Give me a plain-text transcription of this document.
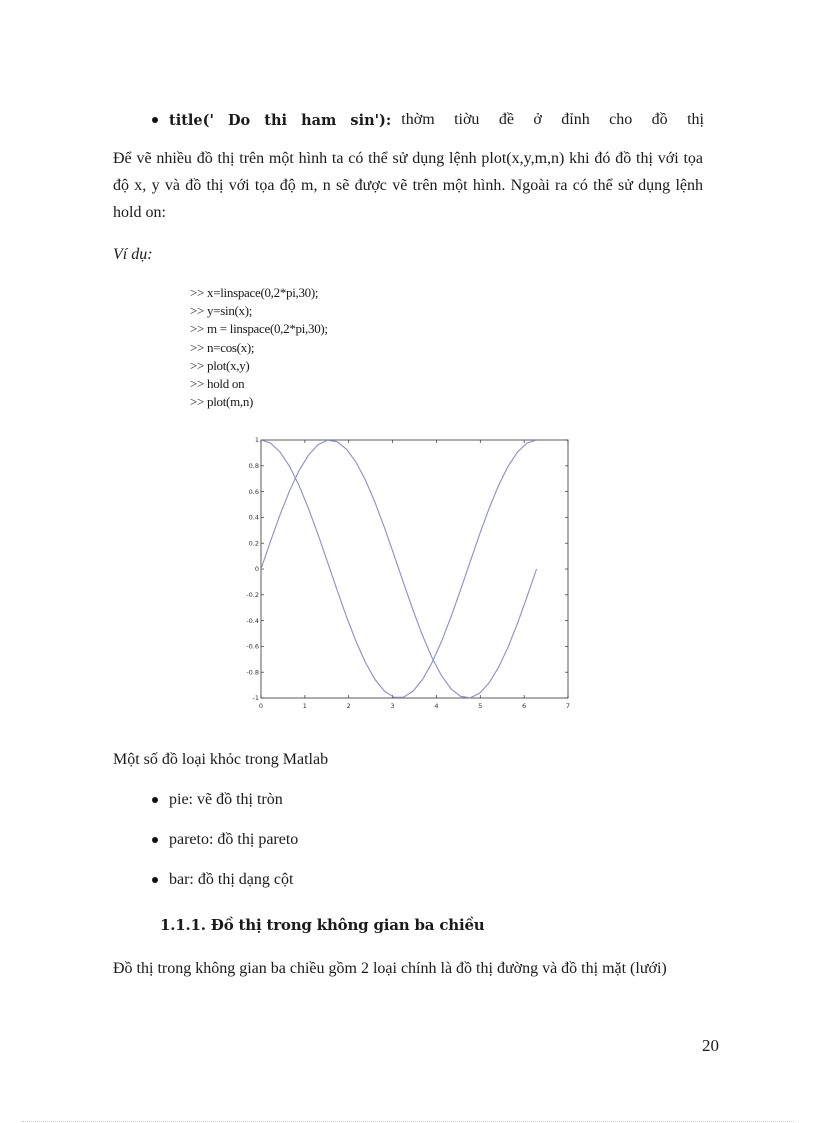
title(' Do thi ham sin'): thờm tiờu đề ở đỉnh cho đồ thị
Để vẽ nhiều đồ thị trên một hình ta có thể sử dụng lệnh plot(x,y,m,n) khi đó đồ thị với tọa độ x, y và đồ thị với tọa độ m, n sẽ được vẽ trên một hình. Ngoài ra có thể sử dụng lệnh hold on:
Ví dụ:
>> x=linspace(0,2*pi,30);
>> y=sin(x);
>> m = linspace(0,2*pi,30);
>> n=cos(x);
>> plot(x,y)
>> hold on
>> plot(m,n)
0	1	2	3	4	5	6	7
1
0.8
0.6
0.4
0.2
0
-0.2
-0.4
-0.6
-0.8
-1
Một số đồ loại khỏc trong Matlab
pie: vẽ đồ thị tròn
pareto: đồ thị pareto
bar: đồ thị dạng cột
1.1.1. Đồ thị trong không gian ba chiều
Đồ thị trong không gian ba chiều gồm 2 loại chính là đồ thị đường và đồ thị mặt (lưới)
20
